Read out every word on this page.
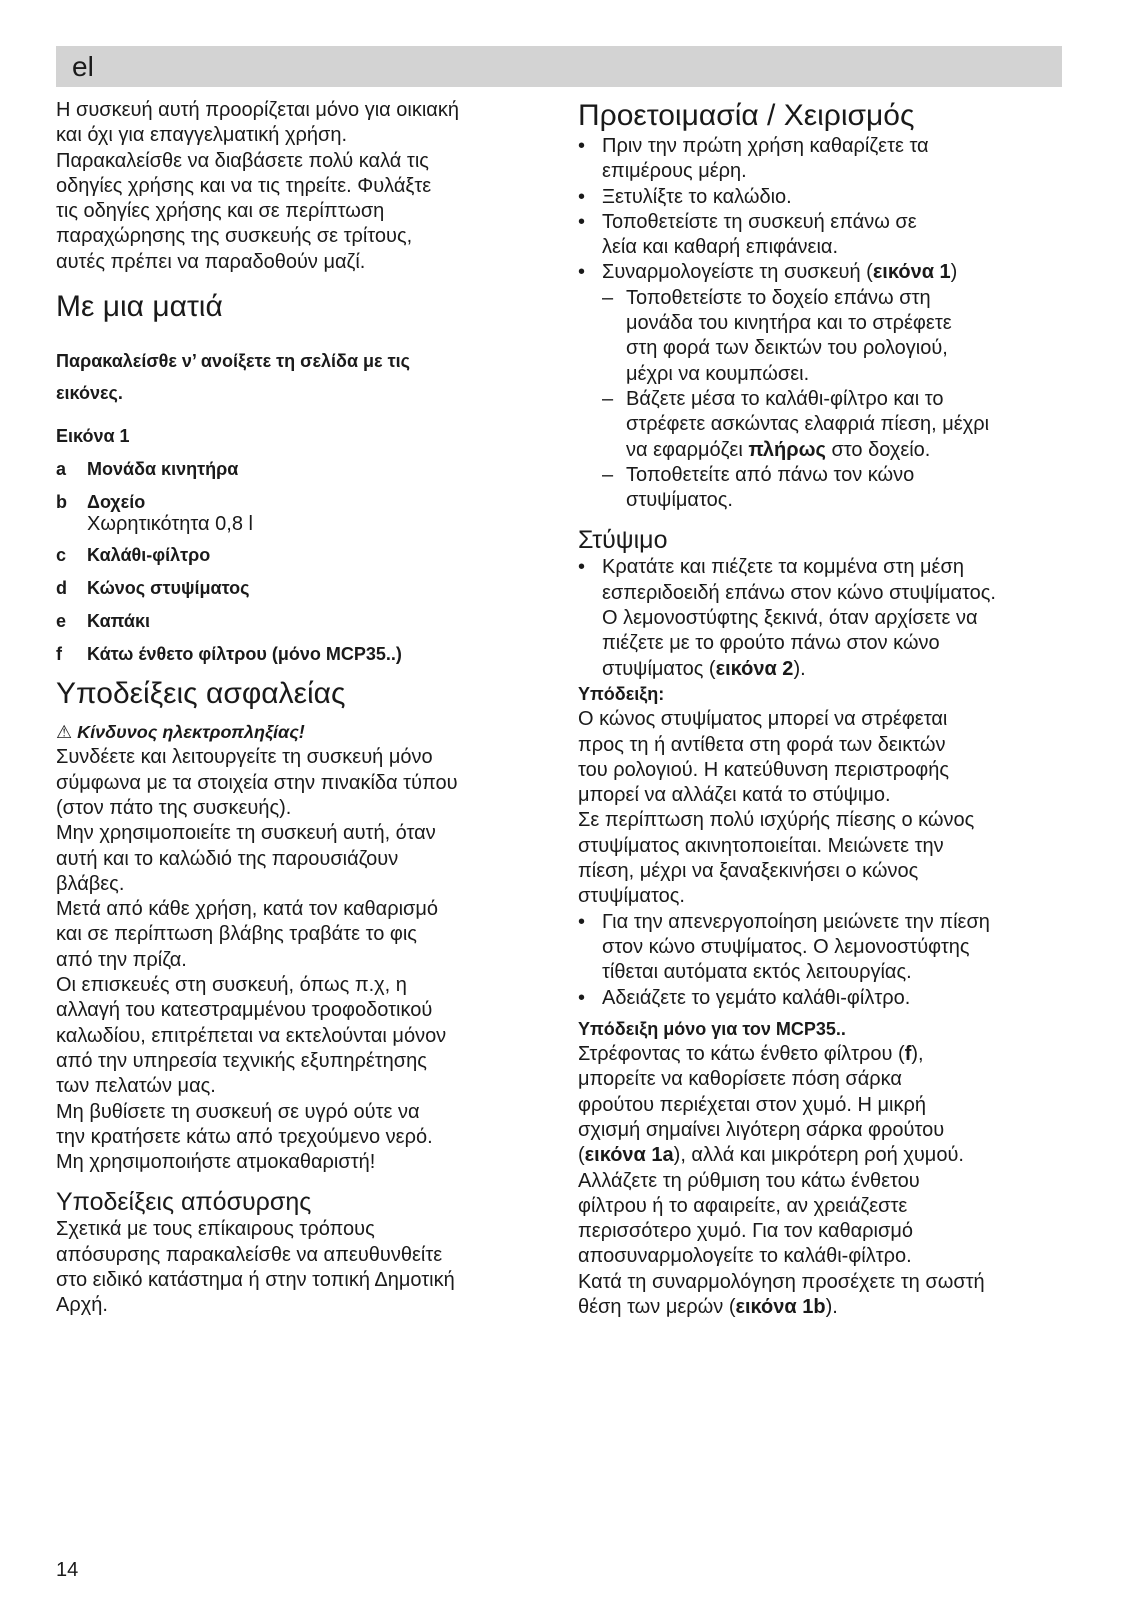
el

Η συσκευή αυτή προορίζεται μόνο για οικιακή

και όχι για επαγγελματική χρήση.

Παρακαλείσθε να διαβάσετε πολύ καλά τις

οδηγίες χρήσης και να τις τηρείτε. Φυλάξτε

τις οδηγίες χρήσης και σε περίπτωση

παραχώρησης της συσκευής σε τρίτους,

αυτές πρέπει να παραδοθούν μαζί.

Με μια ματιά

Παρακαλείσθε ν’ ανοίξετε τη σελίδα με τις

εικόνες.

Εικόνα 1

a Μονάδα κινητήρα

b Δοχείο
Χωρητικότητα 0,8 l

c Καλάθι-φίλτρο

d Κώνος στυψίματος

e Καπάκι

f Κάτω ένθετο φίλτρου (μόνο MCP35..)

Υποδείξεις ασφαλείας

⚠ Κίνδυνος ηλεκτροπληξίας!

Συνδέετε και λειτουργείτε τη συσκευή μόνο

σύμφωνα με τα στοιχεία στην πινακίδα τύπου

(στον πάτο της συσκευής).

Μην χρησιμοποιείτε τη συσκευή αυτή, όταν

αυτή και το καλώδιό της παρουσιάζουν

βλάβες.

Μετά από κάθε χρήση, κατά τον καθαρισμό

και σε περίπτωση βλάβης τραβάτε το φις

από την πρίζα.

Οι επισκευές στη συσκευή, όπως π.χ, η

αλλαγή του κατεστραμμένου τροφοδοτικού

καλωδίου, επιτρέπεται να εκτελούνται μόνον

από την υπηρεσία τεχνικής εξυπηρέτησης

των πελατών μας.

Μη βυθίσετε τη συσκευή σε υγρό ούτε να

την κρατήσετε κάτω από τρεχούμενο νερό.

Μη χρησιμοποιήστε ατμοκαθαριστή!

Υποδείξεις απόσυρσης

Σχετικά με τους επίκαιρους τρόπους

απόσυρσης παρακαλείσθε να απευθυνθείτε

στο ειδικό κατάστημα ή στην τοπική Δημοτική

Αρχή.

Προετοιμασία / Χειρισμός

• Πριν την πρώτη χρήση καθαρίζετε τα
επιμέρους μέρη.

• Ξετυλίξτε το καλώδιο.

• Τοποθετείστε τη συσκευή επάνω σε
λεία και καθαρή επιφάνεια.

• Συναρμολογείστε τη συσκευή (εικόνα 1)

– Τοποθετείστε το δοχείο επάνω στη
μονάδα του κινητήρα και το στρέφετε
στη φορά των δεικτών του ρολογιού,
μέχρι να κουμπώσει.

– Βάζετε μέσα το καλάθι-φίλτρο και το
στρέφετε ασκώντας ελαφριά πίεση, μέχρι
να εφαρμόζει πλήρως στο δοχείο.

– Τοποθετείτε από πάνω τον κώνο
στυψίματος.

Στύψιμο

• Κρατάτε και πιέζετε τα κομμένα στη μέση
εσπεριδοειδή επάνω στον κώνο στυψίματος.
Ο λεμονοστύφτης ξεκινά, όταν αρχίσετε να
πιέζετε με το φρούτο πάνω στον κώνο
στυψίματος (εικόνα 2).

Υπόδειξη:

Ο κώνος στυψίματος μπορεί να στρέφεται

προς τη ή αντίθετα στη φορά των δεικτών

του ρολογιού. Η κατεύθυνση περιστροφής

μπορεί να αλλάζει κατά το στύψιμο.

Σε περίπτωση πολύ ισχύρής πίεσης ο κώνος

στυψίματος ακινητοποιείται. Μειώνετε την

πίεση, μέχρι να ξαναξεκινήσει ο κώνος

στυψίματος.

• Για την απενεργοποίηση μειώνετε την πίεση
στον κώνο στυψίματος. Ο λεμονοστύφτης
τίθεται αυτόματα εκτός λειτουργίας.

• Αδειάζετε το γεμάτο καλάθι-φίλτρο.

Υπόδειξη μόνο για τον MCP35..

Στρέφοντας το κάτω ένθετο φίλτρου (f),

μπορείτε να καθορίσετε πόση σάρκα

φρούτου περιέχεται στον χυμό. Η μικρή

σχισμή σημαίνει λιγότερη σάρκα φρούτου

(εικόνα 1a), αλλά και μικρότερη ροή χυμού.

Αλλάζετε τη ρύθμιση του κάτω ένθετου

φίλτρου ή το αφαιρείτε, αν χρειάζεστε

περισσότερο χυμό. Για τον καθαρισμό

αποσυναρμολογείτε το καλάθι-φίλτρο.

Κατά τη συναρμολόγηση προσέχετε τη σωστή

θέση των μερών (εικόνα 1b).

14
